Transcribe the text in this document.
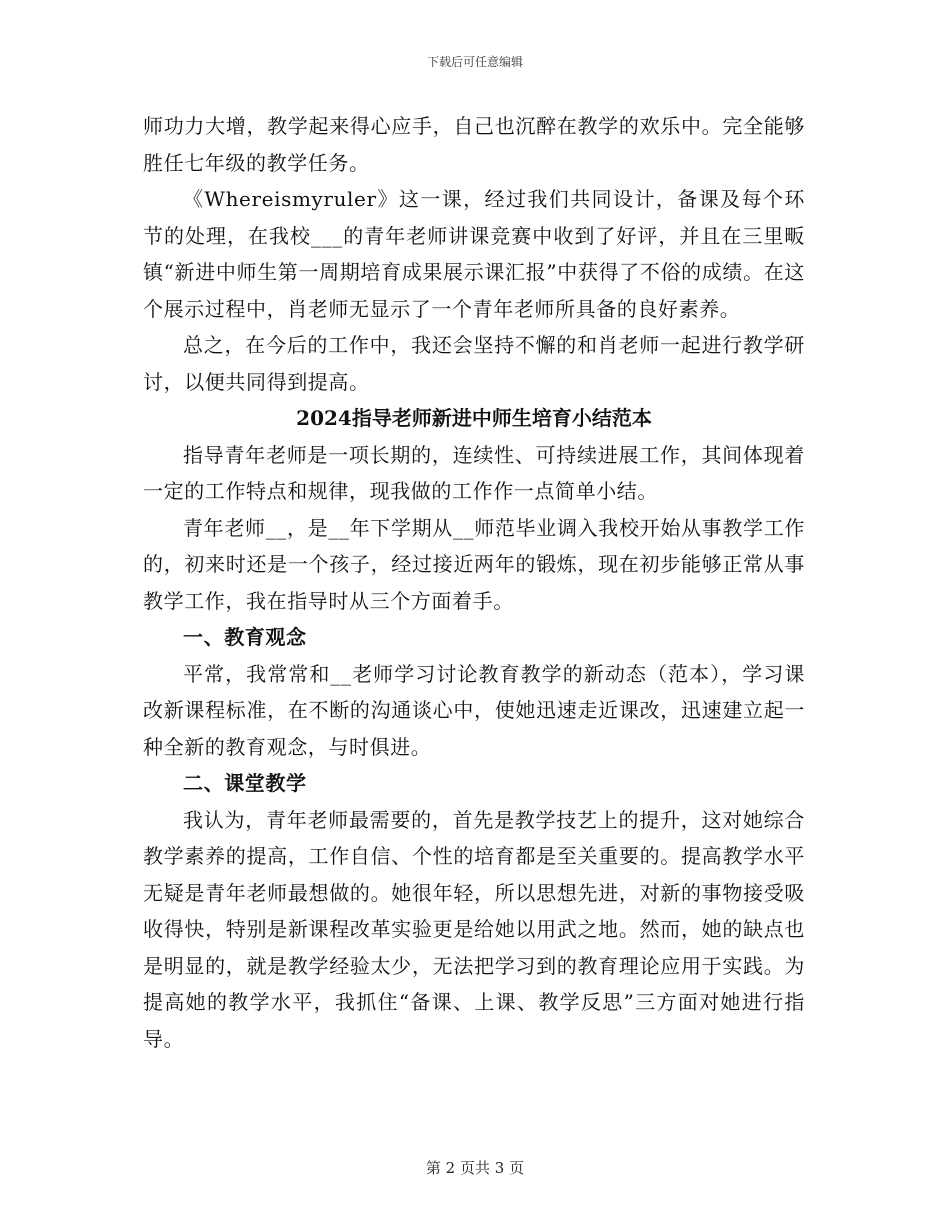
下载后可任意编辑

师功力大增，教学起来得心应手，自己也沉醉在教学的欢乐中。完全能够胜任七年级的教学任务。

《Whereismyruler》这一课，经过我们共同设计，备课及每个环节的处理，在我校___的青年老师讲课竞赛中收到了好评，并且在三里畈镇“新进中师生第一周期培育成果展示课汇报”中获得了不俗的成绩。在这个展示过程中，肖老师无显示了一个青年老师所具备的良好素养。

总之，在今后的工作中，我还会坚持不懈的和肖老师一起进行教学研讨，以便共同得到提高。

2024指导老师新进中师生培育小结范本

指导青年老师是一项长期的，连续性、可持续进展工作，其间体现着一定的工作特点和规律，现我做的工作作一点简单小结。

青年老师__，是__年下学期从__师范毕业调入我校开始从事教学工作的，初来时还是一个孩子，经过接近两年的锻炼，现在初步能够正常从事教学工作，我在指导时从三个方面着手。

一、教育观念

平常，我常常和__老师学习讨论教育教学的新动态（范本），学习课改新课程标准，在不断的沟通谈心中，使她迅速走近课改，迅速建立起一种全新的教育观念，与时俱进。

二、课堂教学

我认为，青年老师最需要的，首先是教学技艺上的提升，这对她综合教学素养的提高，工作自信、个性的培育都是至关重要的。提高教学水平无疑是青年老师最想做的。她很年轻，所以思想先进，对新的事物接受吸收得快，特别是新课程改革实验更是给她以用武之地。然而，她的缺点也是明显的，就是教学经验太少，无法把学习到的教育理论应用于实践。为提高她的教学水平，我抓住“备课、上课、教学反思”三方面对她进行指导。

第 2 页共 3 页
